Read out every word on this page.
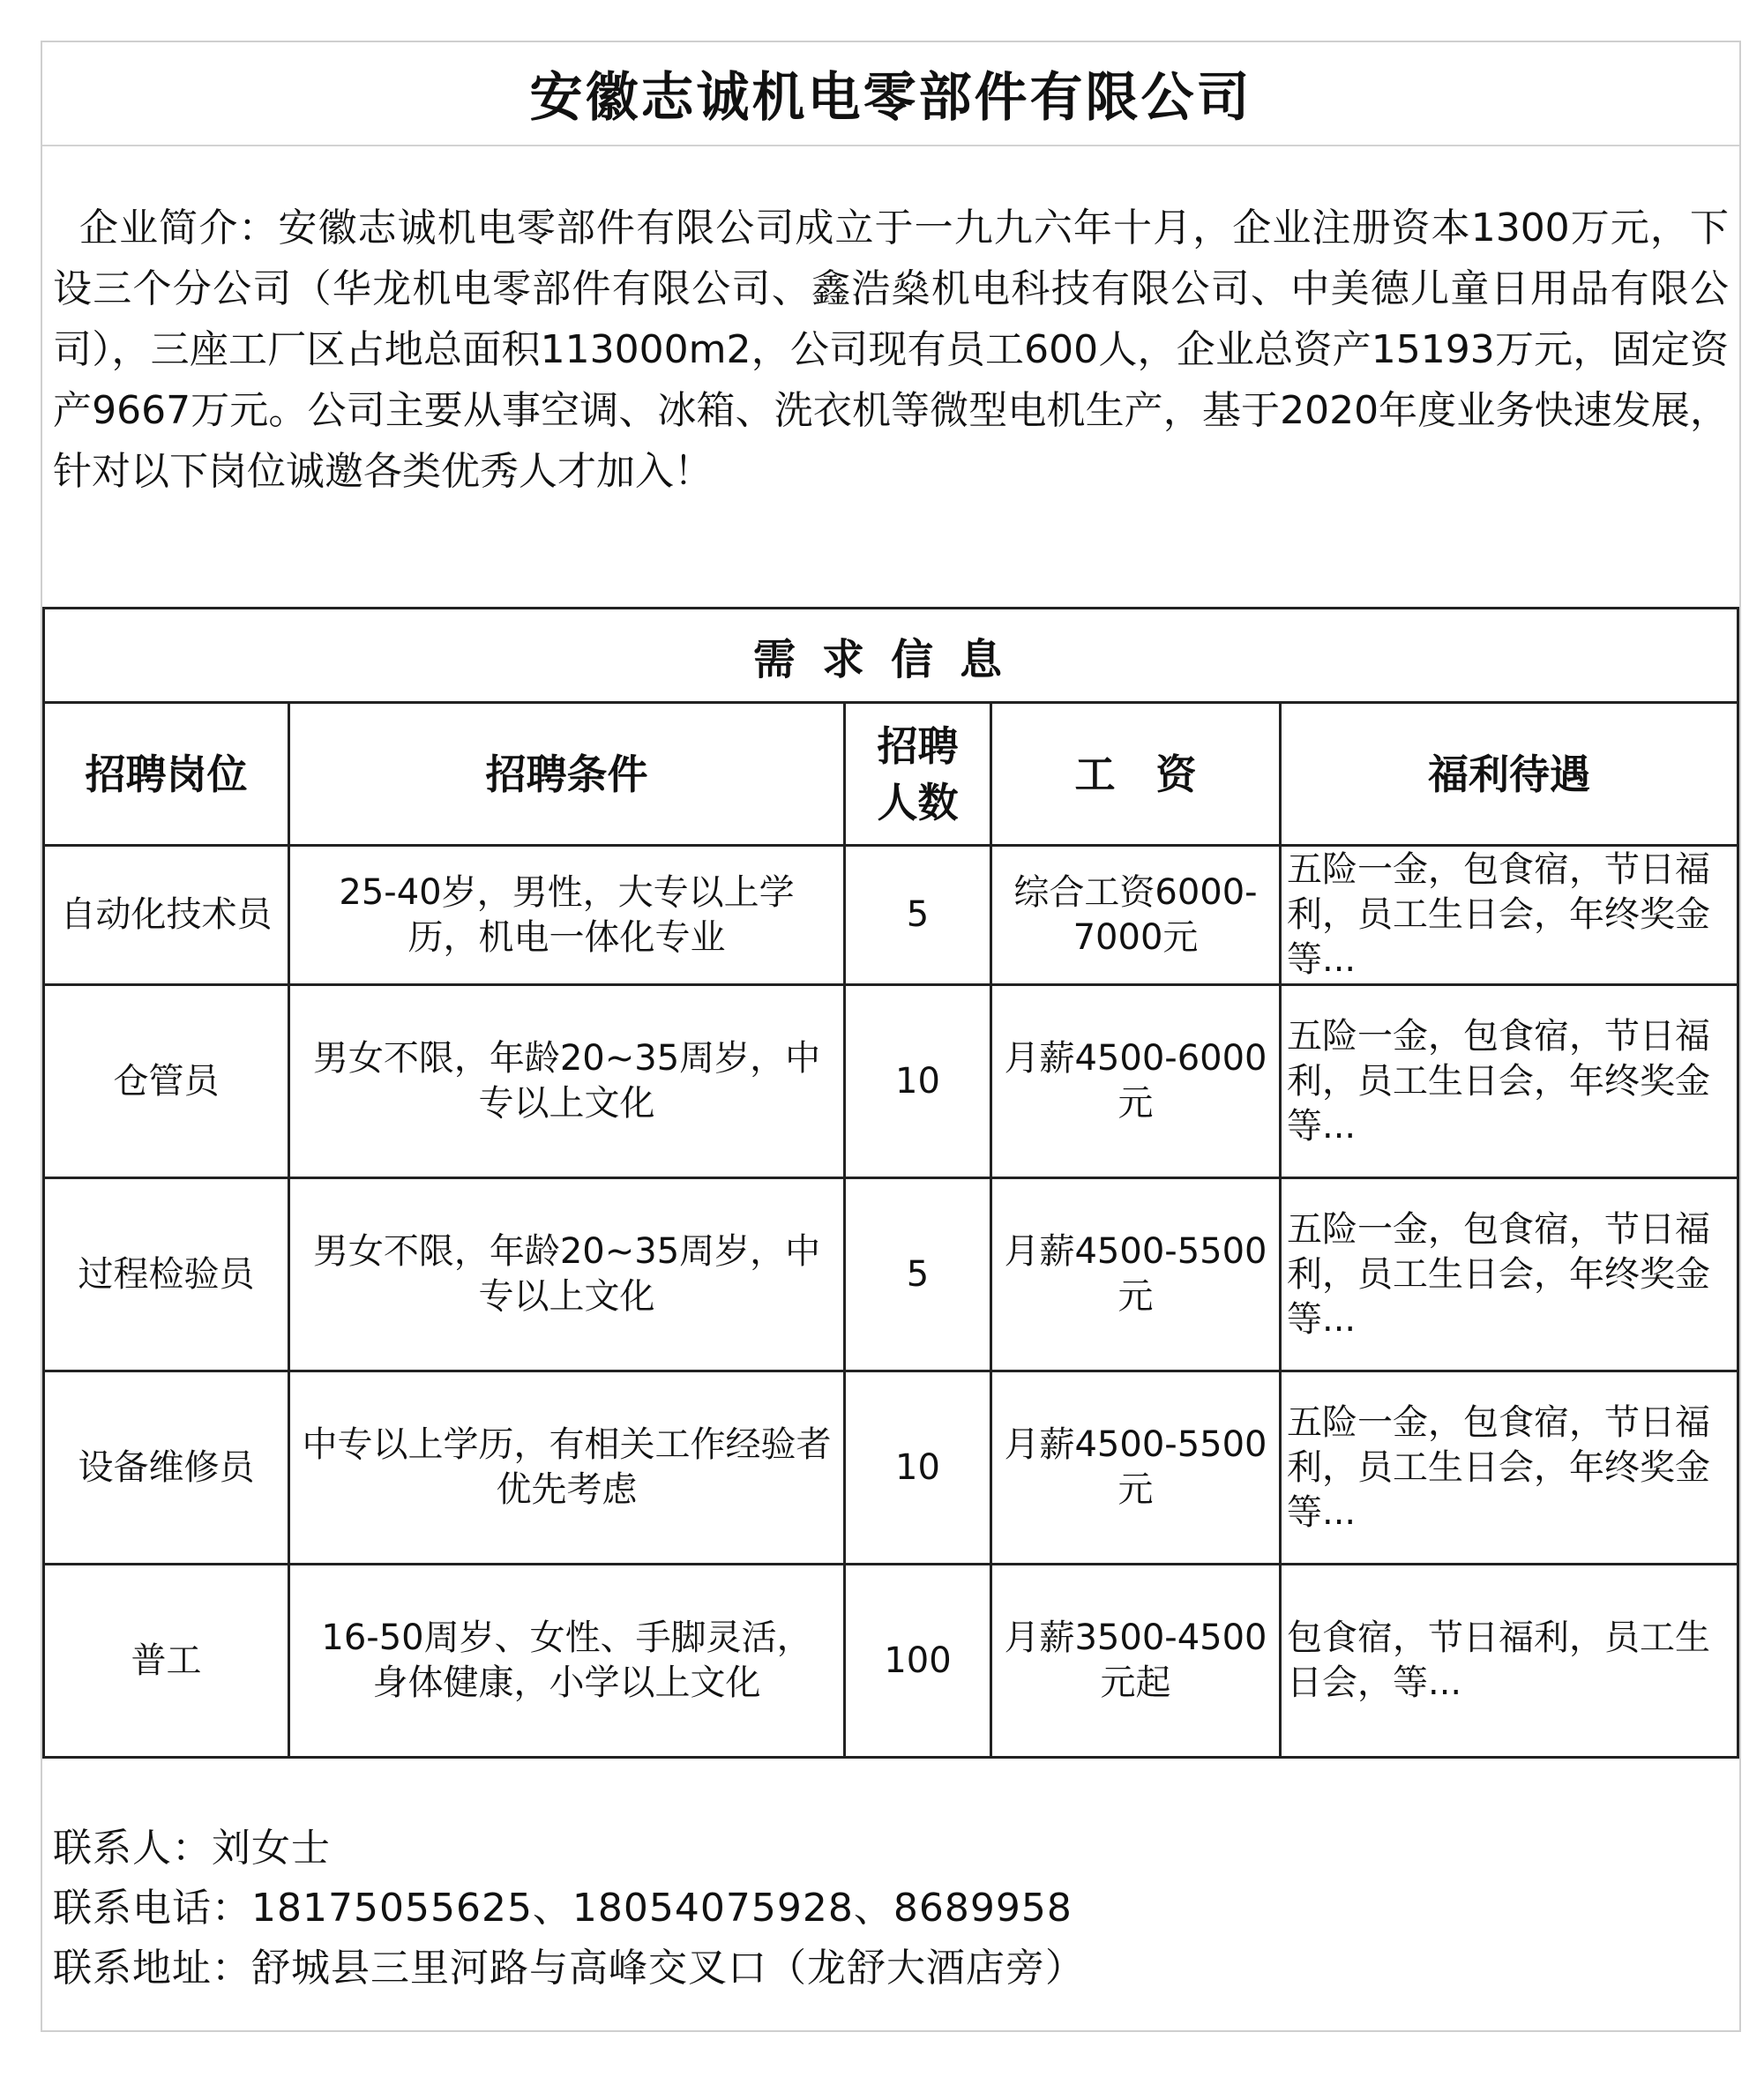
安徽志诚机电零部件有限公司
企业简介：安徽志诚机电零部件有限公司成立于一九九六年十月，企业注册资本1300万元，下设三个分公司（华龙机电零部件有限公司、鑫浩燊机电科技有限公司、中美德儿童日用品有限公司），三座工厂区占地总面积113000m2，公司现有员工600人，企业总资产15193万元，固定资产9667万元。公司主要从事空调、冰箱、洗衣机等微型电机生产，基于2020年度业务快速发展，针对以下岗位诚邀各类优秀人才加入！
需求信息				
招聘岗位	招聘条件	招聘人数	工　资	福利待遇
自动化技术员	25-40岁，男性，大专以上学历，机电一体化专业	5	综合工资6000-7000元	五险一金，包食宿，节日福利，员工生日会，年终奖金等...
仓管员	男女不限，年龄20~35周岁，中专以上文化	10	月薪4500-6000元	五险一金，包食宿，节日福利，员工生日会，年终奖金等...
过程检验员	男女不限，年龄20~35周岁，中专以上文化	5	月薪4500-5500元	五险一金，包食宿，节日福利，员工生日会，年终奖金等...
设备维修员	中专以上学历，有相关工作经验者优先考虑	10	月薪4500-5500元	五险一金，包食宿，节日福利，员工生日会，年终奖金等...
普工	16-50周岁、女性、手脚灵活，身体健康，小学以上文化	100	月薪3500-4500元起	包食宿，节日福利，员工生日会，等...
联系人：刘女士
联系电话：18175055625、18054075928、8689958
联系地址：舒城县三里河路与高峰交叉口（龙舒大酒店旁）
